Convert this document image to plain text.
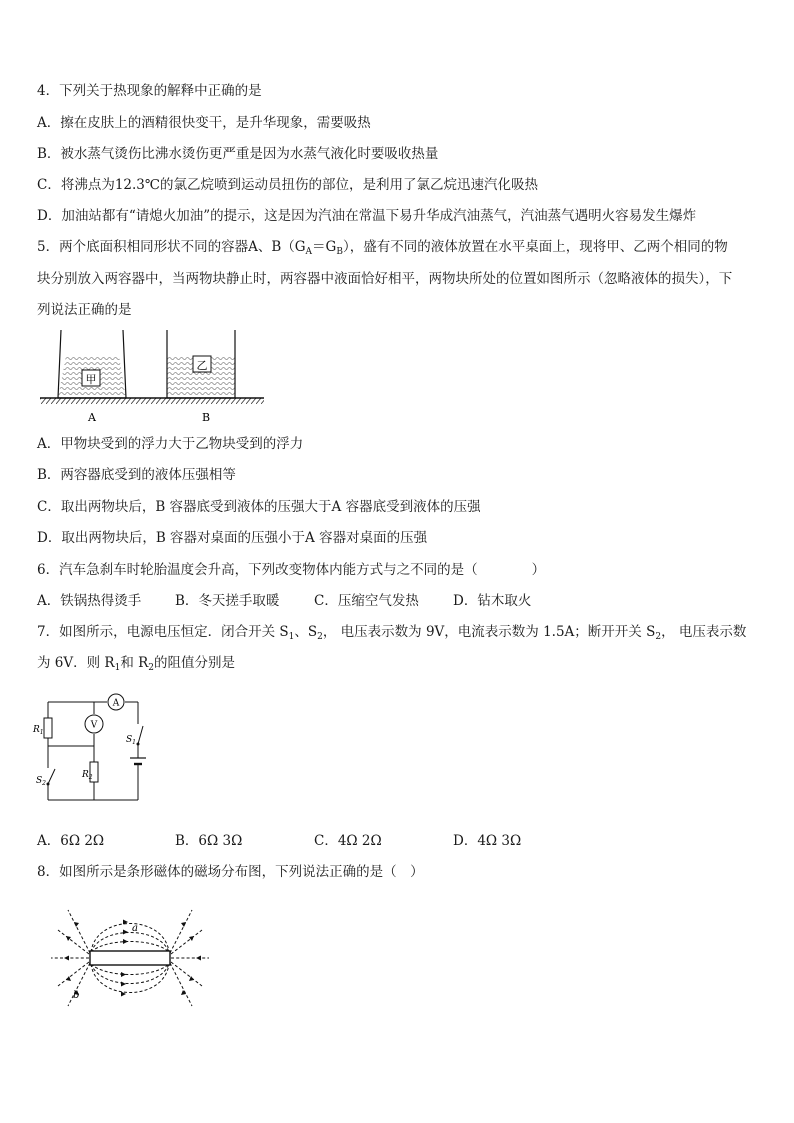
4．下列关于热现象的解释中正确的是
A．擦在皮肤上的酒精很快变干，是升华现象，需要吸热
B．被水蒸气烫伤比沸水烫伤更严重是因为水蒸气液化时要吸收热量
C．将沸点为12.3℃的氯乙烷喷到运动员扭伤的部位，是利用了氯乙烷迅速汽化吸热
D．加油站都有“请熄火加油”的提示，这是因为汽油在常温下易升华成汽油蒸气，汽油蒸气遇明火容易发生爆炸
5．两个底面积相同形状不同的容器A、$B(G_A=G_B)$，盛有不同的液体放置在水平桌面上，现将甲、乙两个相同的物
块分别放入两容器中，当两物块静止时，两容器中液面恰好相平，两物块所处的位置如图所示（忽略液体的损失），下
列说法正确的是
甲
乙
A	B
A．甲物块受到的浮力大于乙物块受到的浮力
B．两容器底受到的液体压强相等
C．取出两物块后，B 容器底受到液体的压强大于A 容器底受到液体的压强
D．取出两物块后，B 容器对桌面的压强小于A 容器对桌面的压强
6．汽车急刹车时轮胎温度会升高，下列改变物体内能方式与之不同的是（　　　　）
A．铁锅热得烫手	B．冬天搓手取暖	C．压缩空气发热	D．钻木取火
7．如图所示，电源电压恒定．闭合开关 $S_1$、$S_2$， 电压表示数为 9V，电流表示数为 1.5A；断开开关 $S_2$， 电压表示数
为 6V．则 $R_1$和 $R_2$的阻值分别是
$R_1$
$R_2$
A
V
$S_1$
$S_2$
A．6Ω 2Ω	B．6Ω 3Ω	C．4Ω 2Ω	D．4Ω 3Ω
8．如图所示是条形磁体的磁场分布图，下列说法正确的是（　）
a
b
